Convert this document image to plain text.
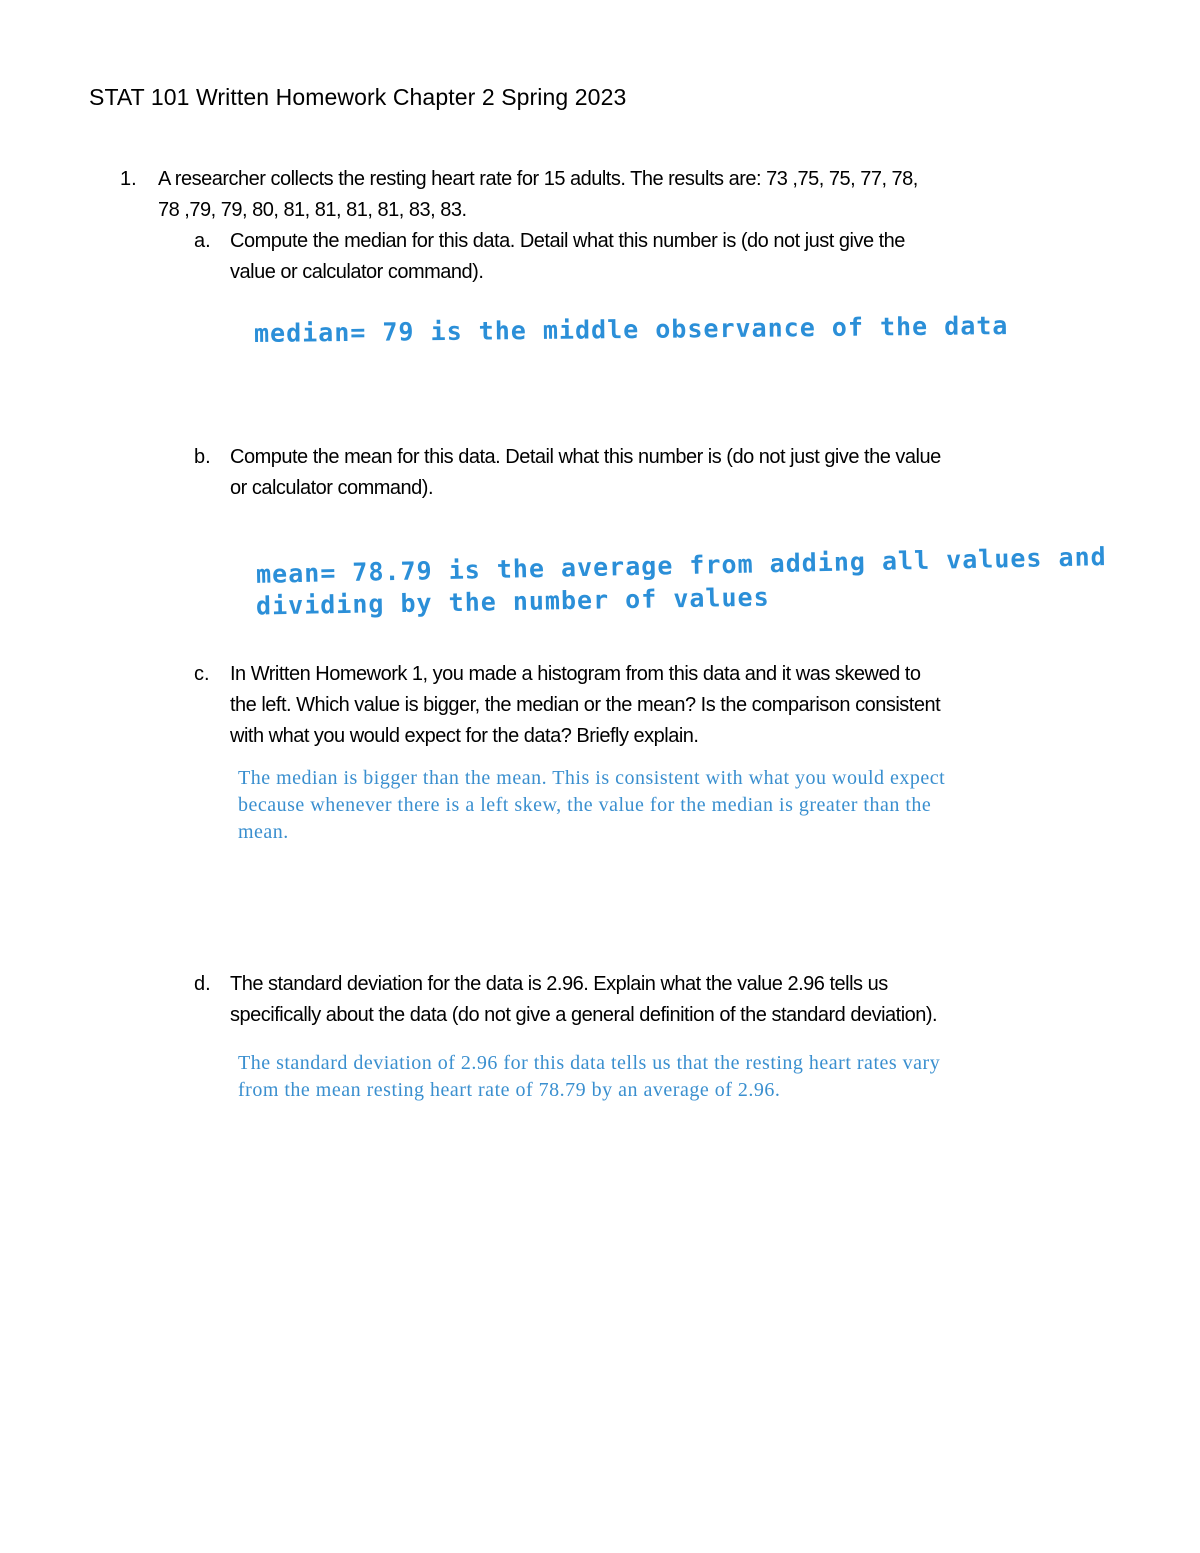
STAT 101 Written Homework Chapter 2 Spring 2023
1. A researcher collects the resting heart rate for 15 adults. The results are: 73 ,75, 75, 77, 78,
78 ,79, 79, 80, 81, 81, 81, 81, 83, 83.
a. Compute the median for this data. Detail what this number is (do not just give the
value or calculator command).
median= 79 is the middle observance of the data
b. Compute the mean for this data. Detail what this number is (do not just give the value
or calculator command).
mean= 78.79 is the average from adding all values and
dividing by the number of values
c. In Written Homework 1, you made a histogram from this data and it was skewed to
the left. Which value is bigger, the median or the mean? Is the comparison consistent
with what you would expect for the data? Briefly explain.
The median is bigger than the mean. This is consistent with what you would expect
because whenever there is a left skew, the value for the median is greater than the
mean.
d. The standard deviation for the data is 2.96. Explain what the value 2.96 tells us
specifically about the data (do not give a general definition of the standard deviation).
The standard deviation of 2.96 for this data tells us that the resting heart rates vary
from the mean resting heart rate of 78.79 by an average of 2.96.
